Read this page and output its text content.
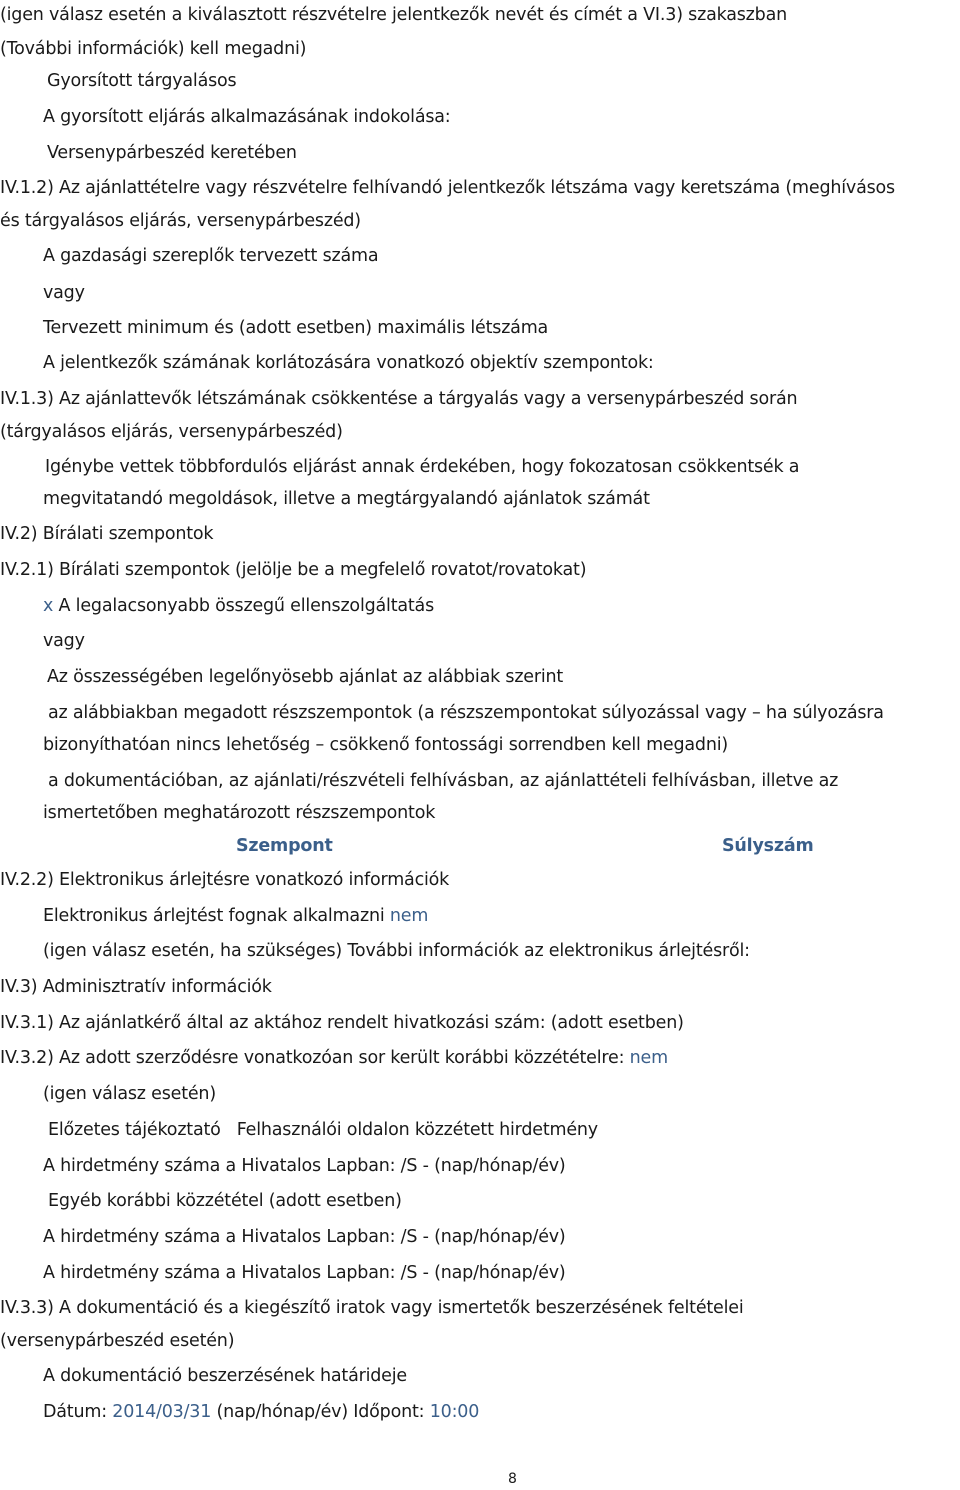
(igen válasz esetén a kiválasztott részvételre jelentkezők nevét és címét a VI.3) szakaszban
(További információk) kell megadni)
Gyorsított tárgyalásos
A gyorsított eljárás alkalmazásának indokolása:
Versenypárbeszéd keretében
IV.1.2) Az ajánlattételre vagy részvételre felhívandó jelentkezők létszáma vagy keretszáma (meghívásos
és tárgyalásos eljárás, versenypárbeszéd)
A gazdasági szereplők tervezett száma
vagy
Tervezett minimum és (adott esetben) maximális létszáma
A jelentkezők számának korlátozására vonatkozó objektív szempontok:
IV.1.3) Az ajánlattevők létszámának csökkentése a tárgyalás vagy a versenypárbeszéd során
(tárgyalásos eljárás, versenypárbeszéd)
Igénybe vettek többfordulós eljárást annak érdekében, hogy fokozatosan csökkentsék a
megvitatandó megoldások, illetve a megtárgyalandó ajánlatok számát
IV.2) Bírálati szempontok
IV.2.1) Bírálati szempontok (jelölje be a megfelelő rovatot/rovatokat)
x A legalacsonyabb összegű ellenszolgáltatás
vagy
Az összességében legelőnyösebb ajánlat az alábbiak szerint
az alábbiakban megadott részszempontok (a részszempontokat súlyozással vagy – ha súlyozásra
bizonyíthatóan nincs lehetőség – csökkenő fontossági sorrendben kell megadni)
a dokumentációban, az ajánlati/részvételi felhívásban, az ajánlattételi felhívásban, illetve az
ismertetőben meghatározott részszempontok
Szempont	Súlyszám
IV.2.2) Elektronikus árlejtésre vonatkozó információk
Elektronikus árlejtést fognak alkalmazni nem
(igen válasz esetén, ha szükséges) További információk az elektronikus árlejtésről:
IV.3) Adminisztratív információk
IV.3.1) Az ajánlatkérő által az aktához rendelt hivatkozási szám: (adott esetben)
IV.3.2) Az adott szerződésre vonatkozóan sor került korábbi közzétételre: nem
(igen válasz esetén)
Előzetes tájékoztató   Felhasználói oldalon közzétett hirdetmény
A hirdetmény száma a Hivatalos Lapban: /S - (nap/hónap/év)
Egyéb korábbi közzététel (adott esetben)
A hirdetmény száma a Hivatalos Lapban: /S - (nap/hónap/év)
A hirdetmény száma a Hivatalos Lapban: /S - (nap/hónap/év)
IV.3.3) A dokumentáció és a kiegészítő iratok vagy ismertetők beszerzésének feltételei
(versenypárbeszéd esetén)
A dokumentáció beszerzésének határideje
Dátum: 2014/03/31 (nap/hónap/év) Időpont: 10:00
8
